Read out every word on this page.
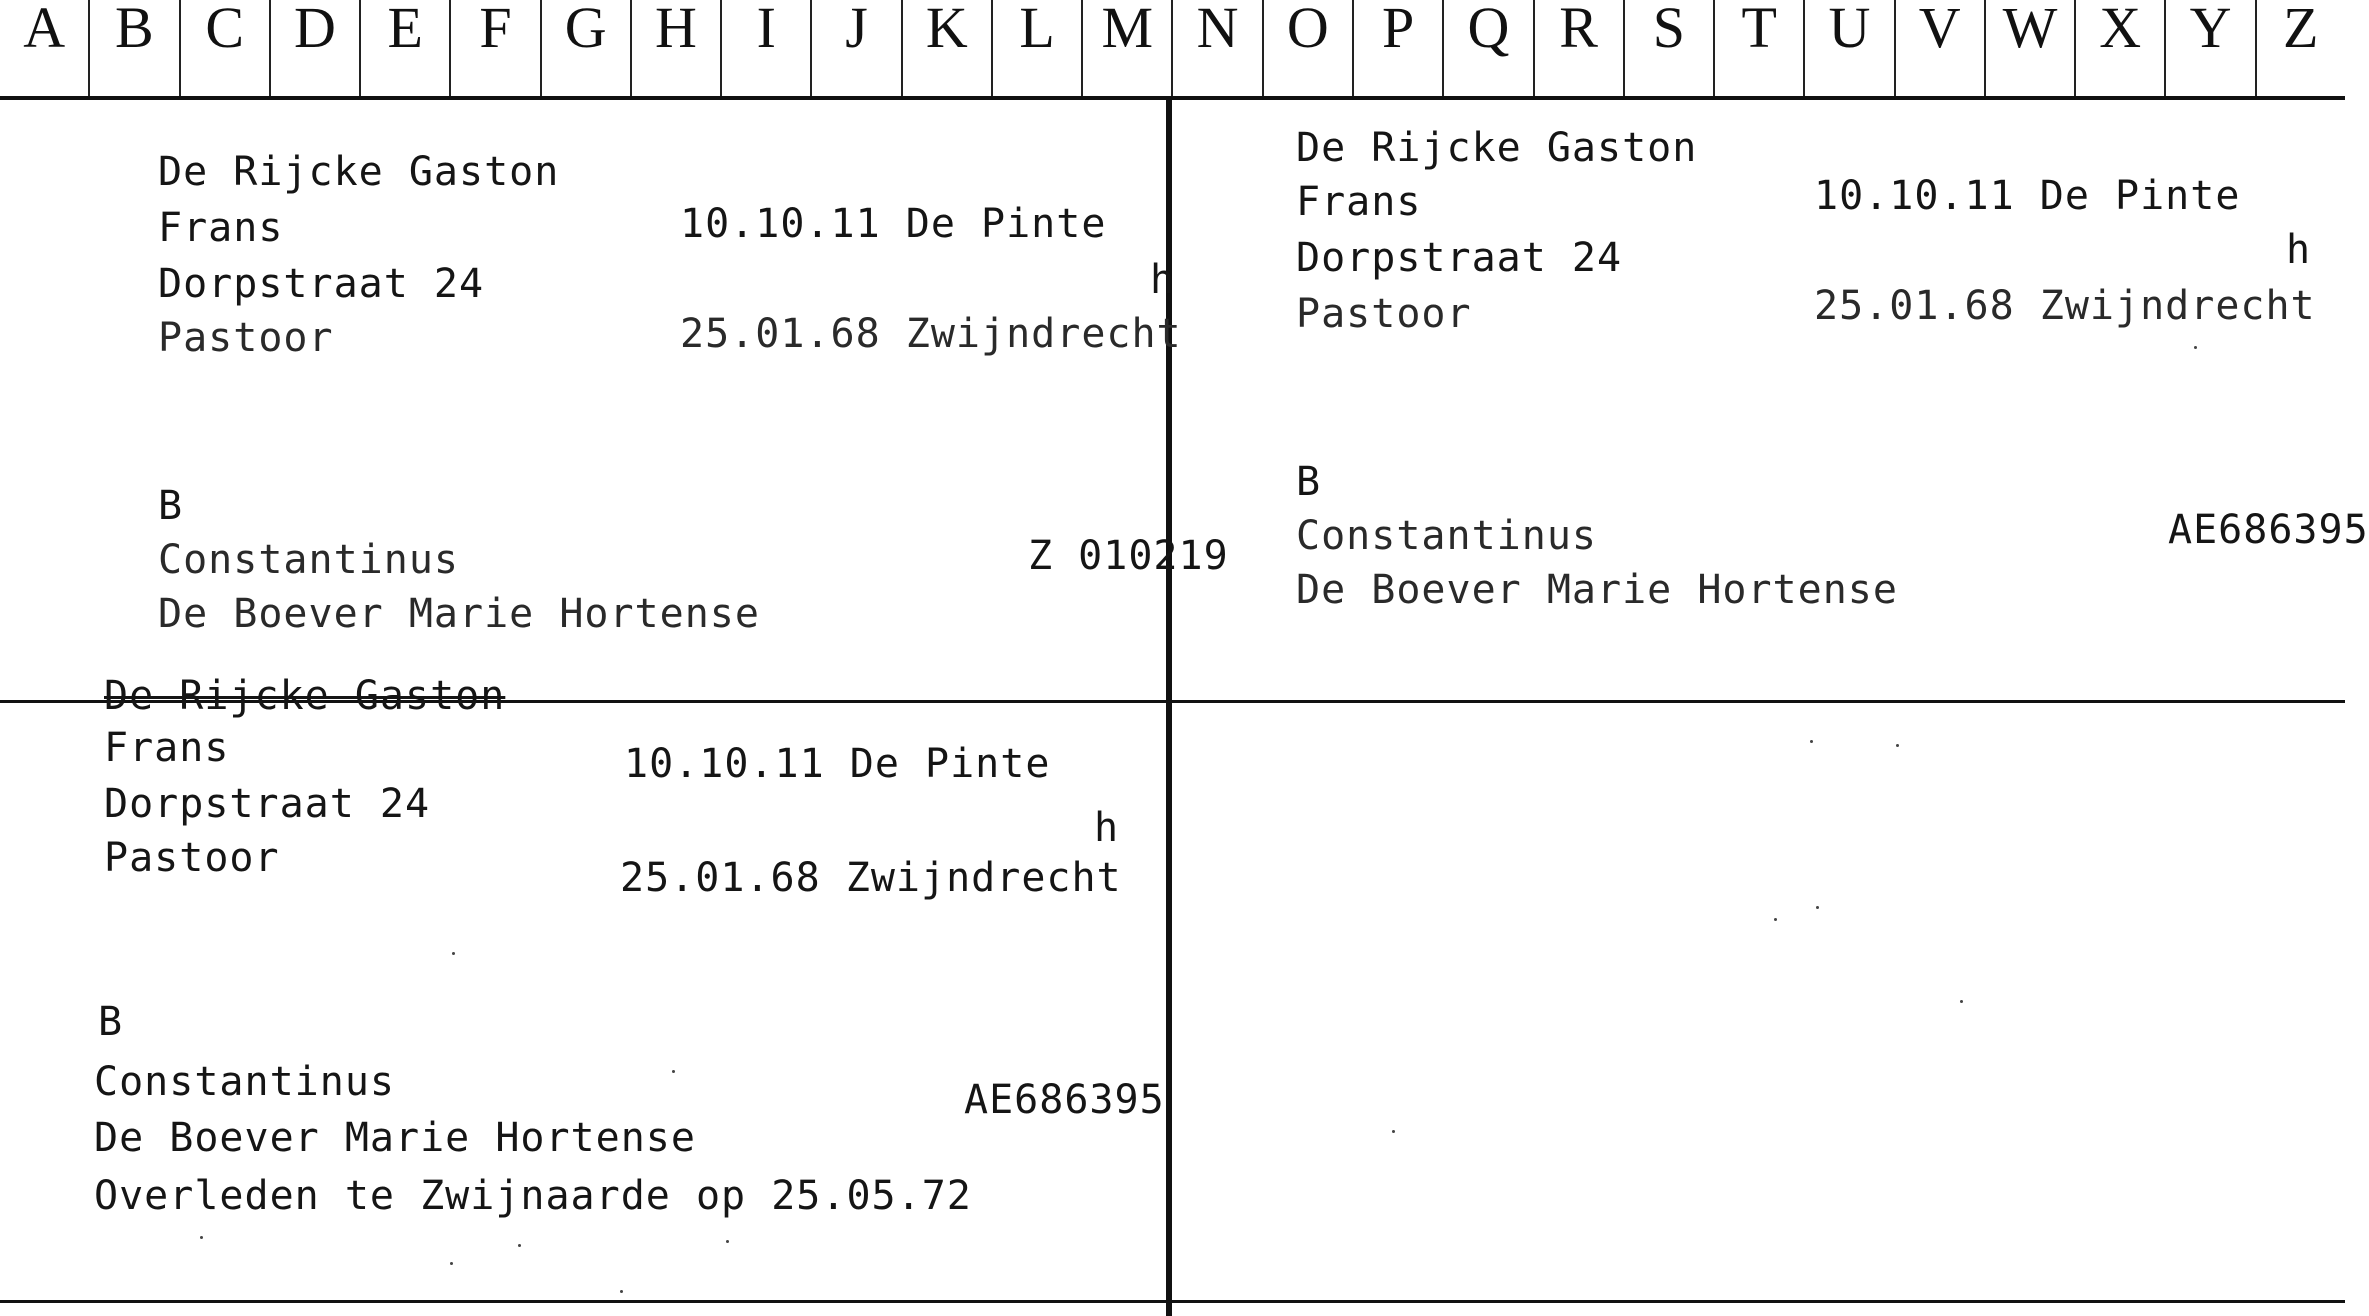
A B C D E F G H	I	J	K L M N O P Q R S T U V W X Y Z
De Rijcke Gaston
Frans
Dorpstraat 24
Pastoor
10.10.11 De Pinte
h
25.01.68 Zwijndrecht
B
Constantinus
De Boever Marie Hortense
Z 010219
De Rijcke Gaston
Frans
Dorpstraat 24
Pastoor
10.10.11 De Pinte
h
25.01.68 Zwijndrecht
B
Constantinus
De Boever Marie Hortense
AE686395
De Rijcke Gaston
Frans
Dorpstraat 24
Pastoor
10.10.11 De Pinte
h
25.01.68 Zwijndrecht
B
Constantinus
De Boever Marie Hortense
AE686395
Overleden te Zwijnaarde op 25.05.72
